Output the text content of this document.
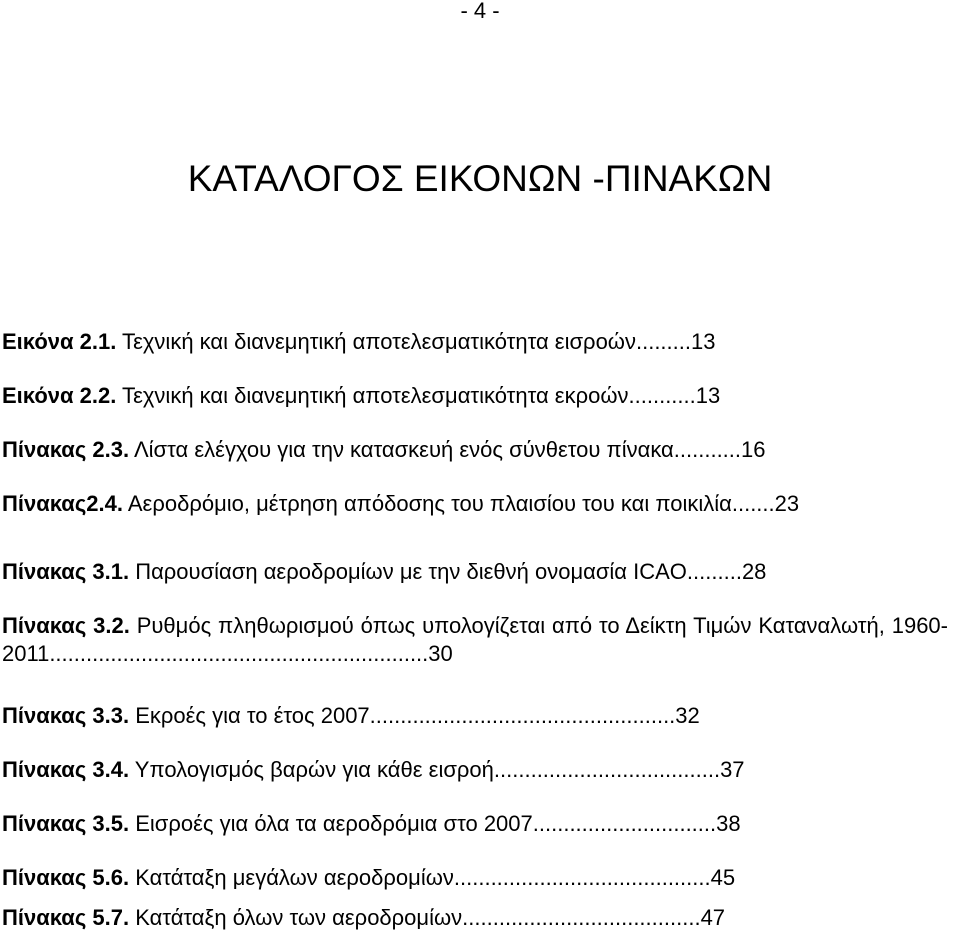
- 4 -
ΚΑΤΑΛΟΓΟΣ ΕΙΚΟΝΩΝ -ΠΙΝΑΚΩΝ
Εικόνα 2.1. Τεχνική και διανεμητική αποτελεσματικότητα εισροών.........13
Εικόνα 2.2. Τεχνική και διανεμητική αποτελεσματικότητα εκροών...........13
Πίνακας 2.3. Λίστα ελέγχου για την κατασκευή ενός σύνθετου πίνακα...........16
Πίνακας2.4. Αεροδρόμιο, μέτρηση απόδοσης του πλαισίου του και ποικιλία.......23
Πίνακας 3.1. Παρουσίαση αεροδρομίων με την διεθνή ονομασία ICAO.........28
Πίνακας 3.2. Ρυθμός πληθωρισμού όπως υπολογίζεται από το Δείκτη Τιμών Καταναλωτή, 1960-2011..............................................................30
Πίνακας 3.3. Εκροές για το έτος 2007..................................................32
Πίνακας 3.4. Υπολογισμός βαρών για κάθε εισροή.....................................37
Πίνακας 3.5. Εισροές για όλα τα αεροδρόμια στο 2007..............................38
Πίνακας 5.6. Κατάταξη μεγάλων αεροδρομίων..........................................45
Πίνακας 5.7. Κατάταξη όλων των αεροδρομίων.......................................47
